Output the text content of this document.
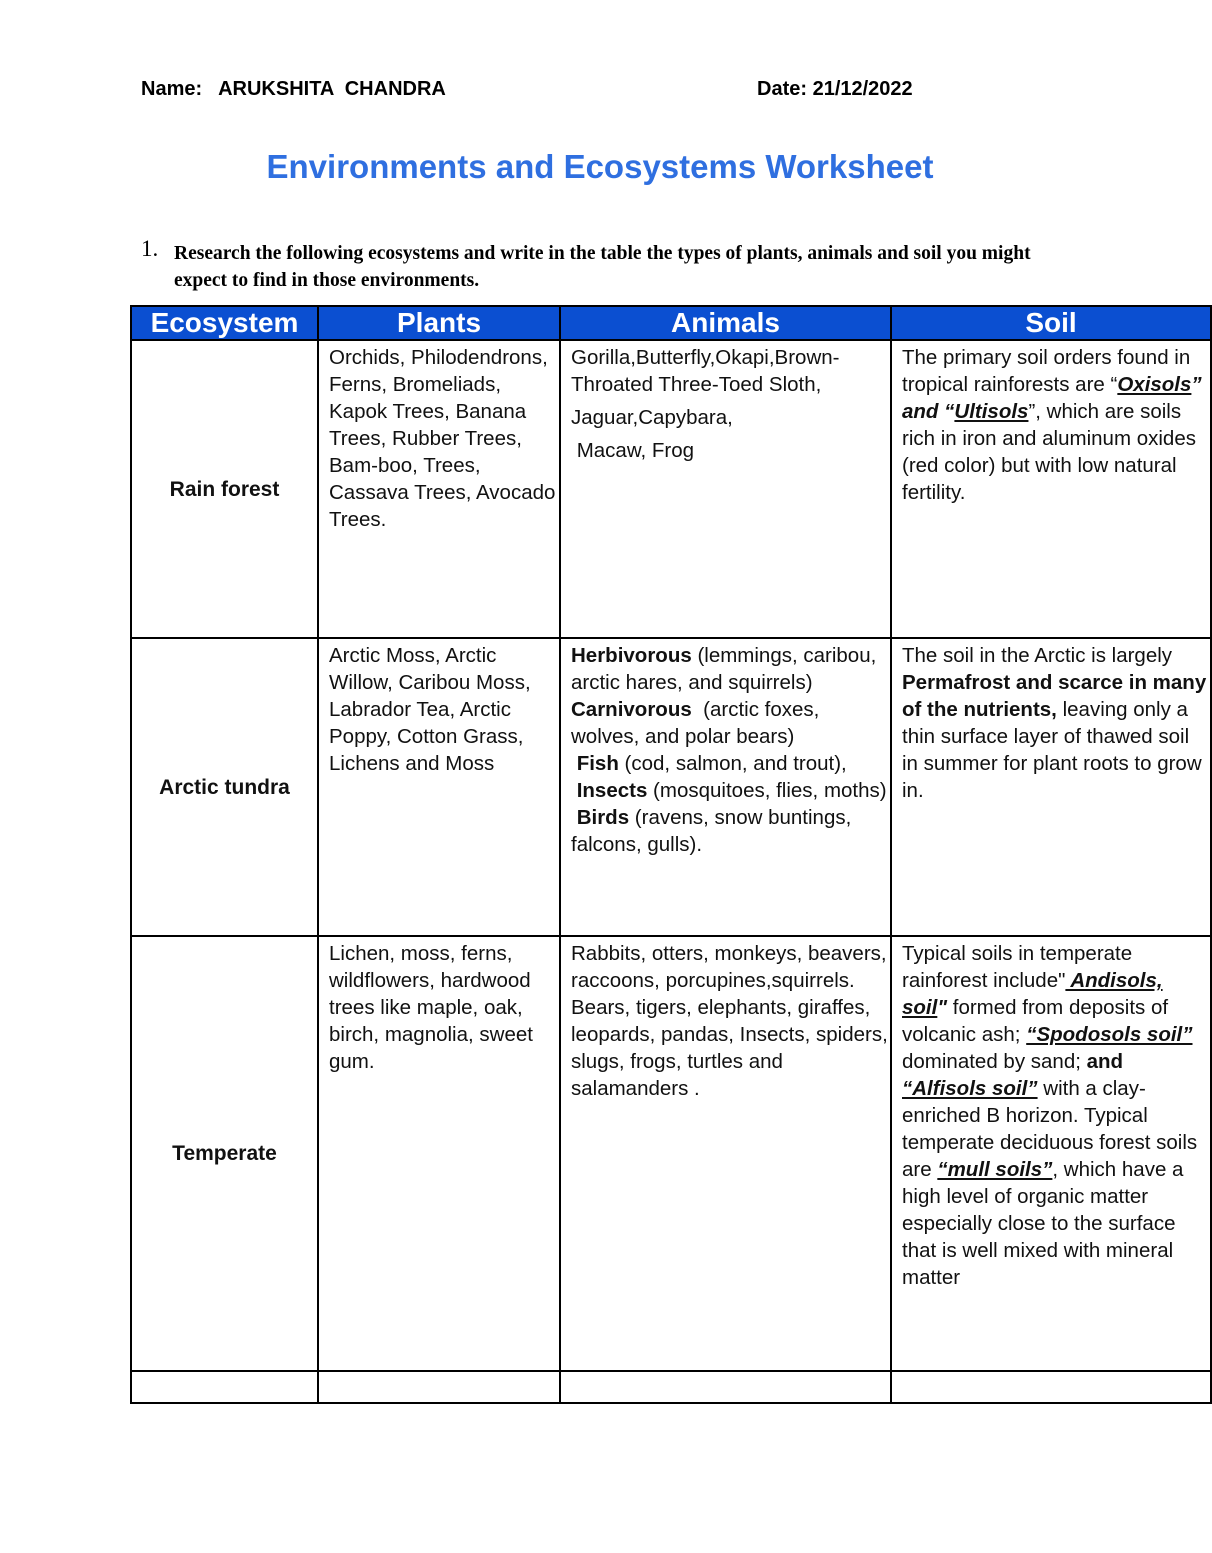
Name: ARUKSHITA  CHANDRA	Date: 21/12/2022
Environments and Ecosystems Worksheet
1. Research the following ecosystems and write in the table the types of plants, animals and soil you might expect to find in those environments.
Ecosystem	Plants	Animals	Soil
Rain forest	Orchids, Philodendrons, Ferns, Bromeliads, Kapok Trees, Banana Trees, Rubber Trees, Bam-boo, Trees, Cassava Trees, Avocado Trees.	Gorilla,Butterfly,Okapi,Brown-Throated Three-Toed Sloth,
Jaguar,Capybara,
Macaw, Frog	The primary soil orders found in tropical rainforests are “Oxisols” and “Ultisols”, which are soils rich in iron and aluminum oxides (red color) but with low natural fertility.
Arctic tundra	Arctic Moss, Arctic Willow, Caribou Moss, Labrador Tea, Arctic Poppy, Cotton Grass, Lichens and Moss	Herbivorous (lemmings, caribou, arctic hares, and squirrels)
Carnivorous  (arctic foxes, wolves, and polar bears)
Fish (cod, salmon, and trout),
Insects (mosquitoes, flies, moths)
Birds (ravens, snow buntings, falcons, gulls).	The soil in the Arctic is largely
Permafrost and scarce in many of the nutrients, leaving only a thin surface layer of thawed soil in summer for plant roots to grow in.
Temperate	Lichen, moss, ferns, wildflowers, hardwood trees like maple, oak, birch, magnolia, sweet gum.	Rabbits, otters, monkeys, beavers, raccoons, porcupines,squirrels. Bears, tigers, elephants, giraffes, leopards, pandas, Insects, spiders, slugs, frogs, turtles and salamanders .	Typical soils in temperate rainforest include" Andisols, soil" formed from deposits of volcanic ash; “Spodosols soil” dominated by sand; and “Alfisols soil” with a clay-enriched B horizon. Typical temperate deciduous forest soils are “mull soils”, which have a high level of organic matter especially close to the surface that is well mixed with mineral matter
